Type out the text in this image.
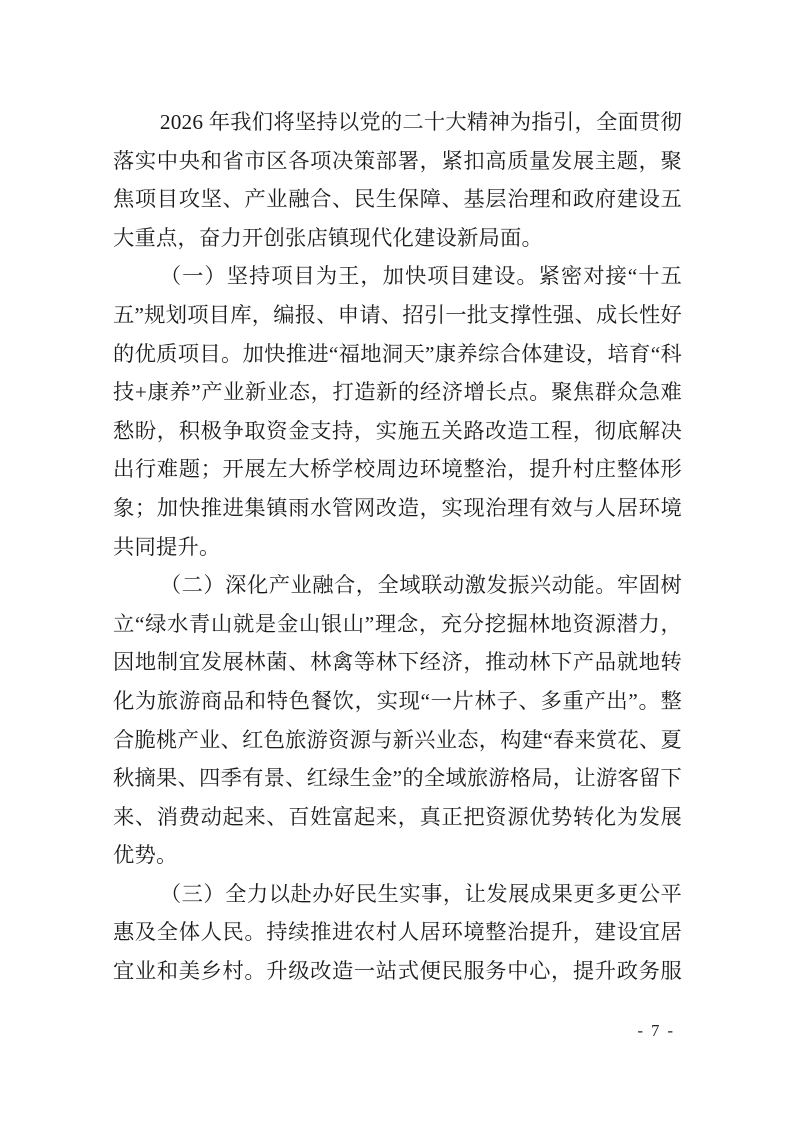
2026 年我们将坚持以党的二十大精神为指引，全面贯彻落实中央和省市区各项决策部署，紧扣高质量发展主题，聚焦项目攻坚、产业融合、民生保障、基层治理和政府建设五大重点，奋力开创张店镇现代化建设新局面。

（一）坚持项目为王，加快项目建设。紧密对接“十五五”规划项目库，编报、申请、招引一批支撑性强、成长性好的优质项目。加快推进“福地洞天”康养综合体建设，培育“科技+康养”产业新业态，打造新的经济增长点。聚焦群众急难愁盼，积极争取资金支持，实施五关路改造工程，彻底解决出行难题；开展左大桥学校周边环境整治，提升村庄整体形象；加快推进集镇雨水管网改造，实现治理有效与人居环境共同提升。

（二）深化产业融合，全域联动激发振兴动能。牢固树立“绿水青山就是金山银山”理念，充分挖掘林地资源潜力，因地制宜发展林菌、林禽等林下经济，推动林下产品就地转化为旅游商品和特色餐饮，实现“一片林子、多重产出”。整合脆桃产业、红色旅游资源与新兴业态，构建“春来赏花、夏秋摘果、四季有景、红绿生金”的全域旅游格局，让游客留下来、消费动起来、百姓富起来，真正把资源优势转化为发展优势。

（三）全力以赴办好民生实事，让发展成果更多更公平惠及全体人民。持续推进农村人居环境整治提升，建设宜居宜业和美乡村。升级改造一站式便民服务中心，提升政务服

- 7 -
